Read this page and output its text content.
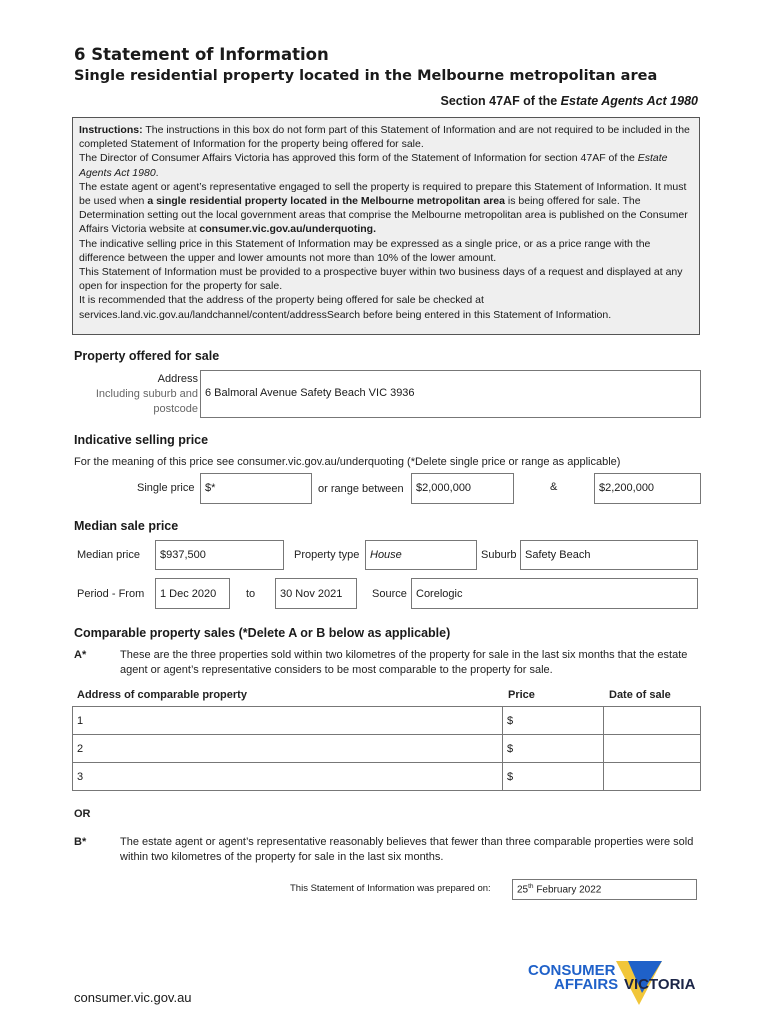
6 Statement of Information
Single residential property located in the Melbourne metropolitan area
Section 47AF of the Estate Agents Act 1980

Instructions: The instructions in this box do not form part of this Statement of Information and are not required to be included in the completed Statement of Information for the property being offered for sale.

The Director of Consumer Affairs Victoria has approved this form of the Statement of Information for section 47AF of the Estate Agents Act 1980.

The estate agent or agent’s representative engaged to sell the property is required to prepare this Statement of Information. It must be used when a single residential property located in the Melbourne metropolitan area is being offered for sale. The Determination setting out the local government areas that comprise the Melbourne metropolitan area is published on the Consumer Affairs Victoria website at consumer.vic.gov.au/underquoting.

The indicative selling price in this Statement of Information may be expressed as a single price, or as a price range with the difference between the upper and lower amounts not more than 10% of the lower amount.

This Statement of Information must be provided to a prospective buyer within two business days of a request and displayed at any open for inspection for the property for sale.

It is recommended that the address of the property being offered for sale be checked at services.land.vic.gov.au/landchannel/content/addressSearch before being entered in this Statement of Information.

Property offered for sale
Address
Including suburb and
postcode
6 Balmoral Avenue Safety Beach VIC 3936
Indicative selling price
For the meaning of this price see consumer.vic.gov.au/underquoting (*Delete single price or range as applicable)
Single price $*	or range between	$2,000,000	&	$2,200,000
Median sale price
Median price	$937,500	Property type House	Suburb Safety Beach
Period - From	1 Dec 2020	to	30 Nov 2021	Source Corelogic
Comparable property sales (*Delete A or B below as applicable)
A*	These are the three properties sold within two kilometres of the property for sale in the last six months that the estate agent or agent’s representative considers to be most comparable to the property for sale.
Address of comparable property	Price	Date of sale
1	$	
2	$	
3	$	
OR
B*	The estate agent or agent’s representative reasonably believes that fewer than three comparable properties were sold within two kilometres of the property for sale in the last six months.
This Statement of Information was prepared on:	25th February 2022
consumer.vic.gov.au
CONSUMER
AFFAIRS VICTORIA
